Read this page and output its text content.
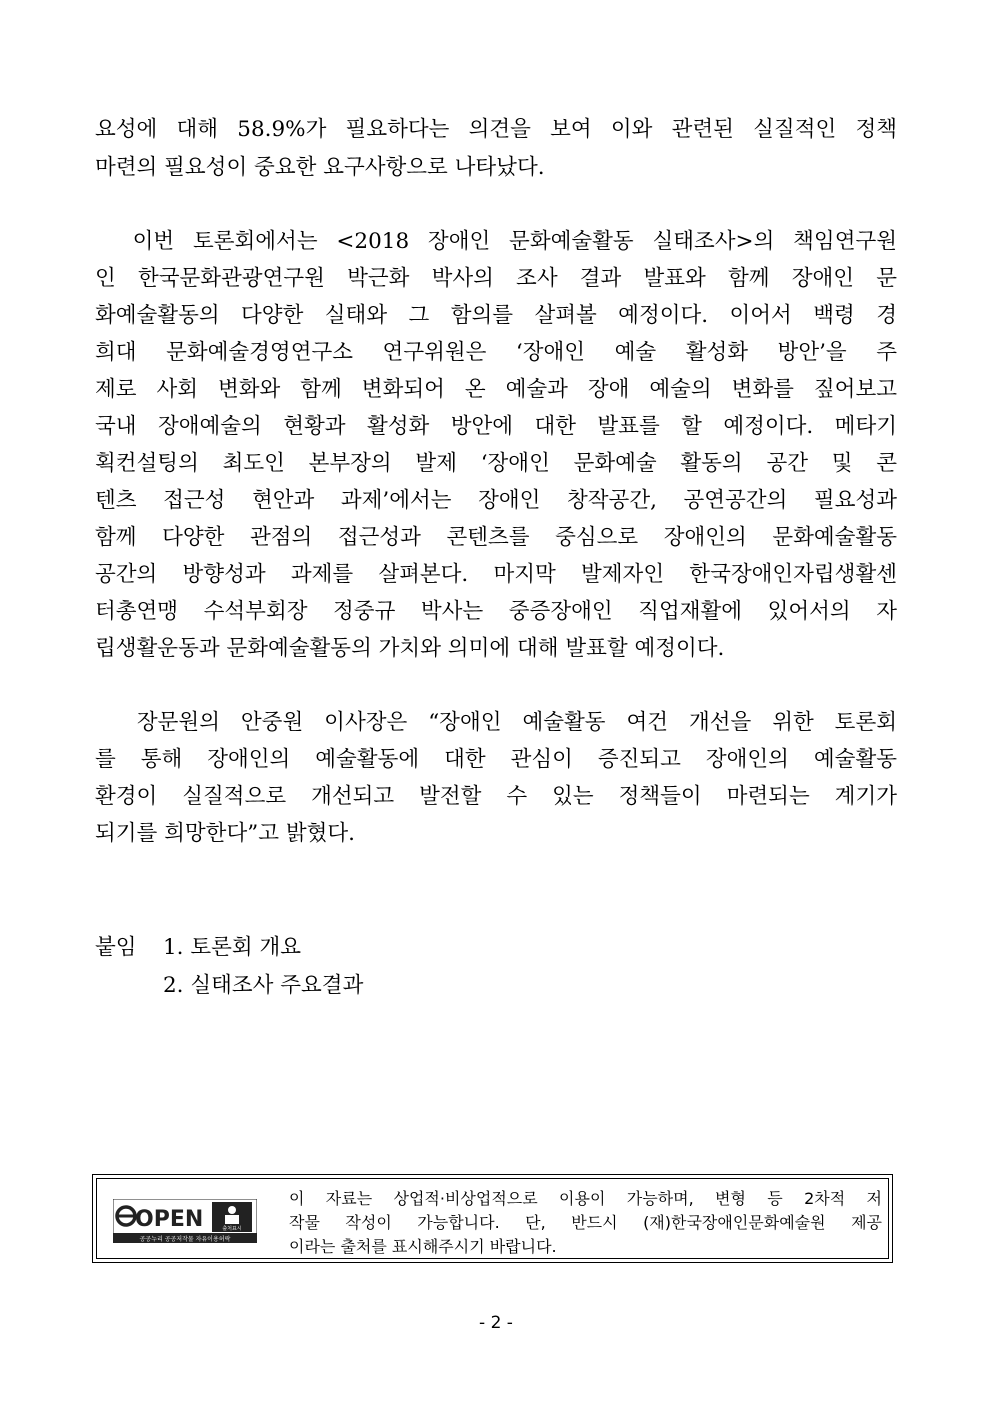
요성에 대해 58.9%가 필요하다는 의견을 보여 이와 관련된 실질적인 정책
마련의 필요성이 중요한 요구사항으로 나타났다.
이번 토론회에서는 <2018 장애인 문화예술활동 실태조사>의 책임연구원
인 한국문화관광연구원 박근화 박사의 조사 결과 발표와 함께 장애인 문
화예술활동의 다양한 실태와 그 함의를 살펴볼 예정이다. 이어서 백령 경
희대 문화예술경영연구소 연구위원은 ‘장애인 예술 활성화 방안’을 주
제로 사회 변화와 함께 변화되어 온 예술과 장애 예술의 변화를 짚어보고
국내 장애예술의 현황과 활성화 방안에 대한 발표를 할 예정이다. 메타기
획컨설팅의 최도인 본부장의 발제 ‘장애인 문화예술 활동의 공간 및 콘
텐츠 접근성 현안과 과제’에서는 장애인 창작공간, 공연공간의 필요성과
함께 다양한 관점의 접근성과 콘텐츠를 중심으로 장애인의 문화예술활동
공간의 방향성과 과제를 살펴본다. 마지막 발제자인 한국장애인자립생활센
터총연맹 수석부회장 정중규 박사는 중증장애인 직업재활에 있어서의 자
립생활운동과 문화예술활동의 가치와 의미에 대해 발표할 예정이다.
장문원의 안중원 이사장은 “장애인 예술활동 여건 개선을 위한 토론회
를 통해 장애인의 예술활동에 대한 관심이 증진되고 장애인의 예술활동
환경이 실질적으로 개선되고 발전할 수 있는 정책들이 마련되는 계기가
되기를 희망한다”고 밝혔다.
붙임 1. 토론회 개요
2. 실태조사 주요결과
OPEN	출처표시
공공누리 공공저작물 자유이용허락
이 자료는 상업적·비상업적으로 이용이 가능하며, 변형 등 2차적 저
작물 작성이 가능합니다. 단, 반드시 (재)한국장애인문화예술원 제공
이라는 출처를 표시해주시기 바랍니다.
- 2 -
